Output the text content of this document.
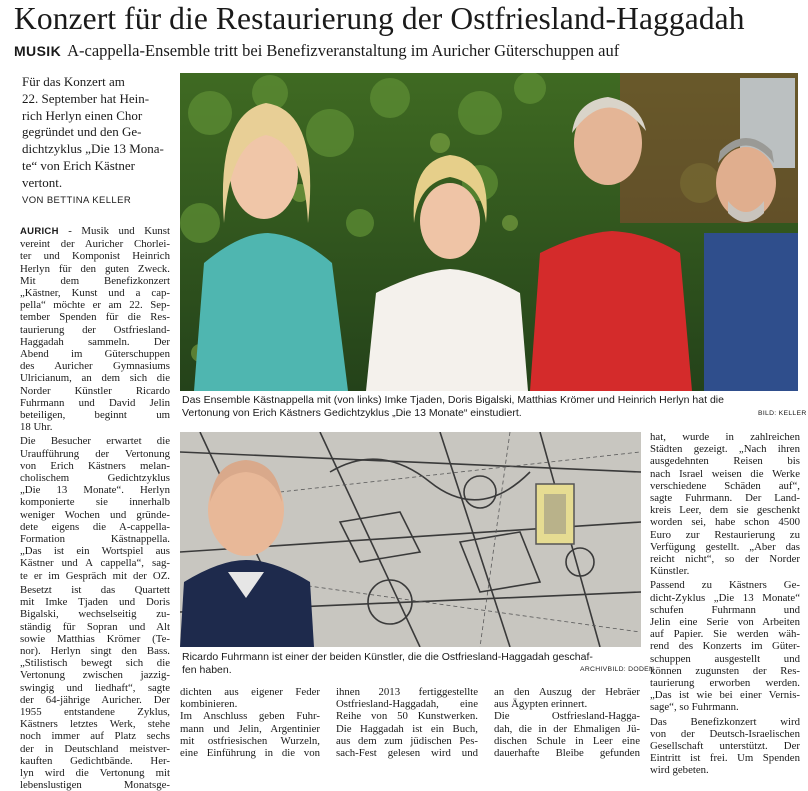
Konzert für die Restaurierung der Ostfriesland-Haggadah
MUSIK A-cappella-Ensemble tritt bei Benefizveranstaltung im Auricher Güterschuppen auf
Für das Konzert am
22. September hat Hein-
rich Herlyn einen Chor
gegründet und den Ge-
dichtzyklus „Die 13 Mona-
te“ von Erich Kästner
vertont.
VON BETTINA KELLER
AURICH - Musik und Kunst
vereint der Auricher Chorlei-
ter und Komponist Heinrich
Herlyn für den guten Zweck.
Mit dem Benefizkonzert
„Kästner, Kunst und a cap-
pella“ möchte er am 22. Sep-
tember Spenden für die Res-
taurierung der Ostfriesland-
Haggadah sammeln. Der
Abend im Güterschuppen
des Auricher Gymnasiums
Ulricianum, an dem sich die
Norder Künstler Ricardo
Fuhrmann und David Jelin
beteiligen, beginnt um
18 Uhr.
Die Besucher erwartet die
Uraufführung der Vertonung
von Erich Kästners melan-
cholischem Gedichtzyklus
„Die 13 Monate“. Herlyn
komponierte sie innerhalb
weniger Wochen und gründe-
dete eigens die A-cappella-
Formation Kästnappella.
„Das ist ein Wortspiel aus
Kästner und A cappella“, sag-
te er im Gespräch mit der OZ.
Besetzt ist das Quartett
mit Imke Tjaden und Doris
Bigalski, wechselseitig zu-
ständig für Sopran und Alt
sowie Matthias Krömer (Te-
nor). Herlyn singt den Bass.
„Stilistisch bewegt sich die
Vertonung zwischen jazzig-
swingig und liedhaft“, sagte
der 64-jährige Auricher. Der
1955 entstandene Zyklus,
Kästners letztes Werk, stehe
noch immer auf Platz sechs
der in Deutschland meistver-
kauften Gedichtbände. Her-
lyn wird die Vertonung mit
lebenslustigen Monatsge-
Das Ensemble Kästnappella mit (von links) Imke Tjaden, Doris Bigalski, Matthias Krömer und Heinrich Herlyn hat die
Vertonung von Erich Kästners Gedichtzyklus „Die 13 Monate“ einstudiert.	BILD: KELLER
Ricardo Fuhrmann ist einer der beiden Künstler, die die Ostfriesland-Haggadah geschaf-
fen haben.	ARCHIVBILD: DODEN
hat, wurde in zahlreichen
Städten gezeigt. „Nach ihren
ausgedehnten Reisen bis
nach Israel weisen die Werke
verschiedene Schäden auf“,
sagte Fuhrmann. Der Land-
kreis Leer, dem sie geschenkt
worden sei, habe schon 4500
Euro zur Restaurierung zu
Verfügung gestellt. „Aber das
reicht nicht“, so der Norder
Künstler.
Passend zu Kästners Ge-
dicht-Zyklus „Die 13 Monate“
schufen Fuhrmann und
Jelin eine Serie von Arbeiten
auf Papier. Sie werden wäh-
rend des Konzerts im Güter-
schuppen ausgestellt und
können zugunsten der Res-
taurierung erworben werden.
„Das ist wie bei einer Vernis-
sage“, so Fuhrmann.
Das Benefizkonzert wird
von der Deutsch-Israelischen
Gesellschaft unterstützt. Der
Eintritt ist frei. Um Spenden
wird gebeten.
dichten aus eigener Feder
kombinieren.
Im Anschluss geben Fuhr-
mann und Jelin, Argentinier
mit ostfriesischen Wurzeln,
eine Einführung in die von
ihnen 2013 fertiggestellte
Ostfriesland-Haggadah, eine
Reihe von 50 Kunstwerken.
Die Haggadah ist ein Buch,
aus dem zum jüdischen Pes-
sach-Fest gelesen wird und
an den Auszug der Hebräer
aus Ägypten erinnert.
Die Ostfriesland-Hagga-
dah, die in der Ehmaligen Jü-
dischen Schule in Leer eine
dauerhafte Bleibe gefunden
